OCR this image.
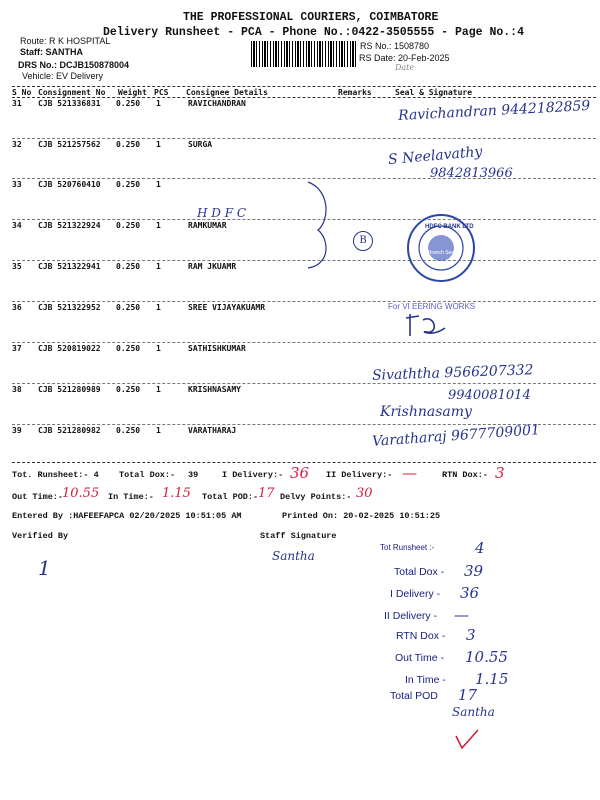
THE PROFESSIONAL COURIERS, COIMBATORE
Delivery Runsheet - PCA - Phone No.:0422-3505555 - Page No.:4
Route: R K HOSPITAL
Staff: SANTHA
DRS No.: DCJB150878004
Vehicle: EV Delivery
RS No.: 1508780
RS Date: 20-Feb-2025
Date
S No Consignment No Weight PCS Consignee Details	Remarks	Seal & Signature
31 CJB 521336831 0.250 1	RAVICHANDRAN
32 CJB 521257562 0.250 1	SURGA
33 CJB 520760410 0.250 1
34 CJB 521322924 0.250 1	RAMKUMAR
35 CJB 521322941 0.250 1	RAM JKUAMR
36 CJB 521322952 0.250 1	SREE VIJAYAKUAMR
37 CJB 520819022 0.250 1	SATHISHKUMAR
38 CJB 521280989 0.250 1	KRISHNASAMY
39 CJB 521280982 0.250 1	VARATHARAJ
Ravichandran 9442182859
S Neelavathy
9842813966
H D F C
B
HDFC BANK LTD
Branch Seal
For VI EERING WORKS
Sivaththa 9566207332
9940081014
Krishnasamy
Varatharaj 9677709001
Tot. Runsheet:- 4 Total Dox:- 39	I Delivery:- 36 II Delivery:- —	RTN Dox:- 3
Out Time:-
10.55 In Time:- 1.15 Total POD:- 17 Delvy Points:- 30
Entered By :HAFEEFAPCA 02/20/2025 10:51:05 AM	Printed On: 20-02-2025 10:51:25
Verified By	Staff Signature
Santha
1
Tot Runsheet :-	4
Total Dox - 39
I Delivery - 36
II Delivery - —
RTN Dox - 3
Out Time - 10.55
In Time - 1.15
Total POD 17
Santha
